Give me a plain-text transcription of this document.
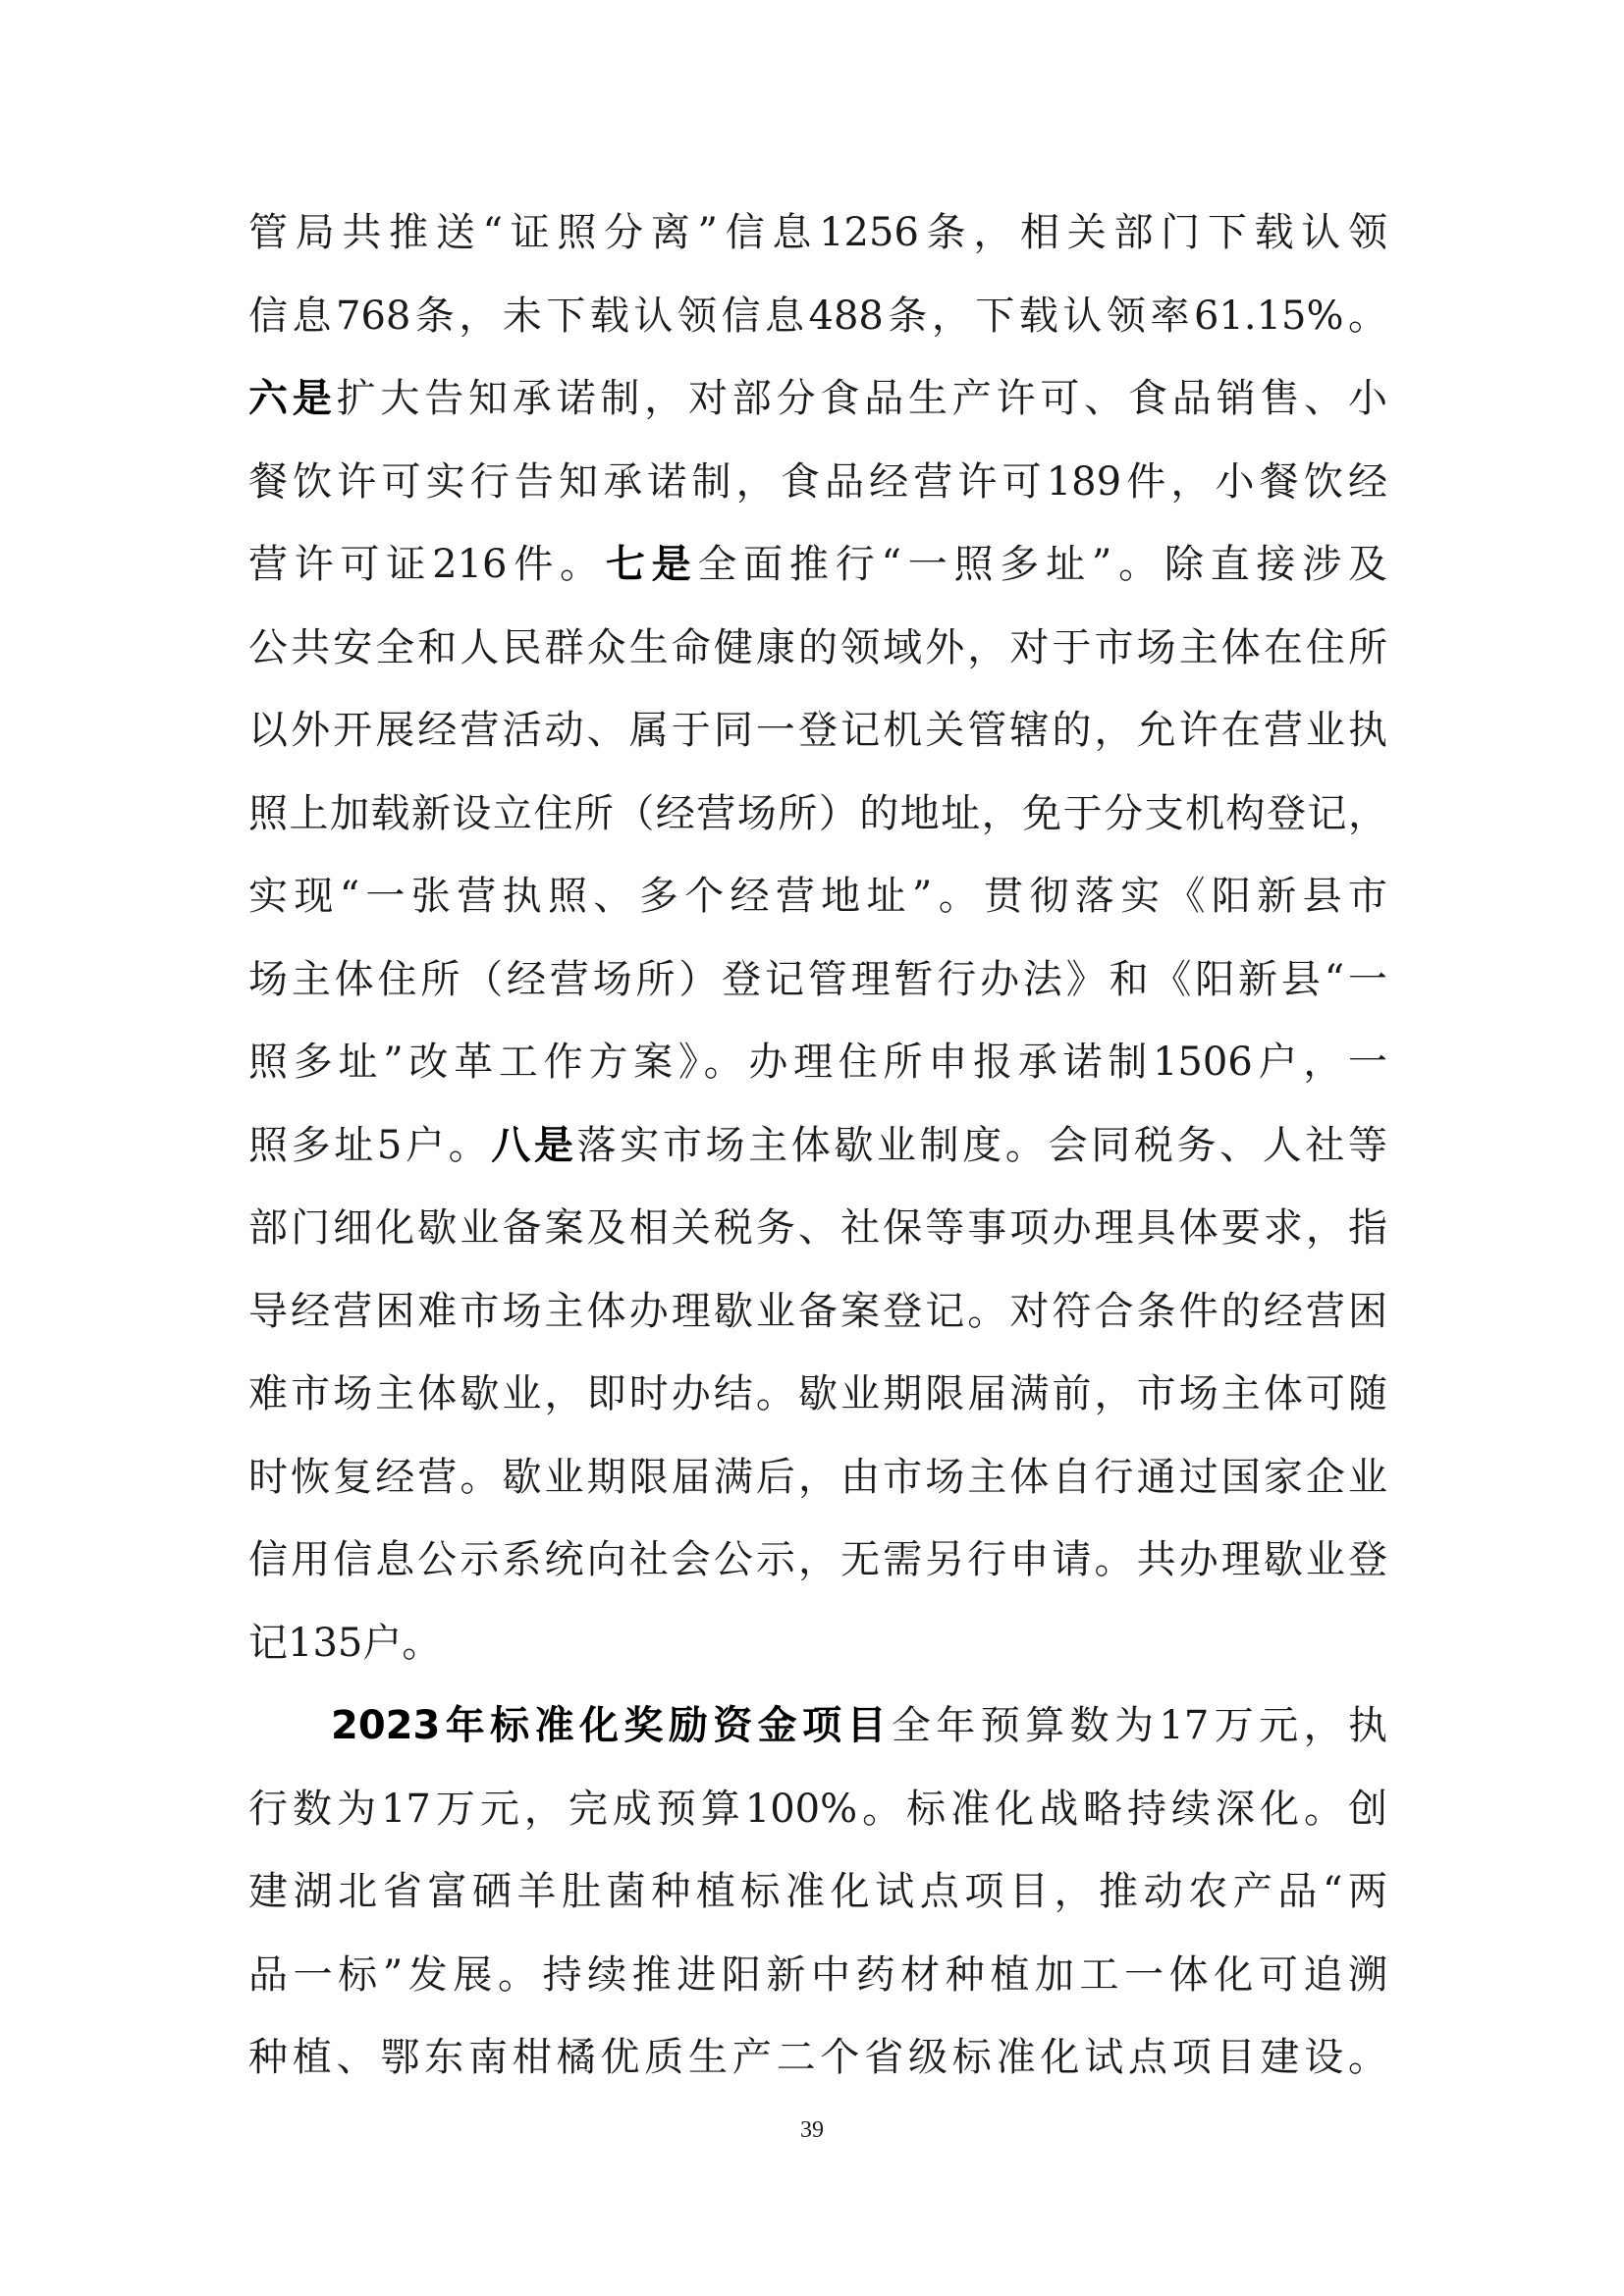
管局共推送“证照分离”信息1256条，相关部门下载认领
信息768条，未下载认领信息488条，下载认领率61.15%。
六是扩大告知承诺制，对部分食品生产许可、食品销售、小
餐饮许可实行告知承诺制，食品经营许可189件，小餐饮经
营许可证216件。七是全面推行“一照多址”。除直接涉及
公共安全和人民群众生命健康的领域外，对于市场主体在住所
以外开展经营活动、属于同一登记机关管辖的，允许在营业执
照上加载新设立住所（经营场所）的地址，免于分支机构登记，
实现“一张营执照、多个经营地址”。贯彻落实《阳新县市
场主体住所（经营场所）登记管理暂行办法》和《阳新县“一
照多址”改革工作方案》。办理住所申报承诺制1506户，一
照多址5户。八是落实市场主体歇业制度。会同税务、人社等
部门细化歇业备案及相关税务、社保等事项办理具体要求，指
导经营困难市场主体办理歇业备案登记。对符合条件的经营困
难市场主体歇业，即时办结。歇业期限届满前，市场主体可随
时恢复经营。歇业期限届满后，由市场主体自行通过国家企业
信用信息公示系统向社会公示，无需另行申请。共办理歇业登
记135户。
2023年标准化奖励资金项目全年预算数为17万元，执
行数为17万元，完成预算100%。标准化战略持续深化。创
建湖北省富硒羊肚菌种植标准化试点项目，推动农产品“两
品一标”发展。持续推进阳新中药材种植加工一体化可追溯
种植、鄂东南柑橘优质生产二个省级标准化试点项目建设。
39
